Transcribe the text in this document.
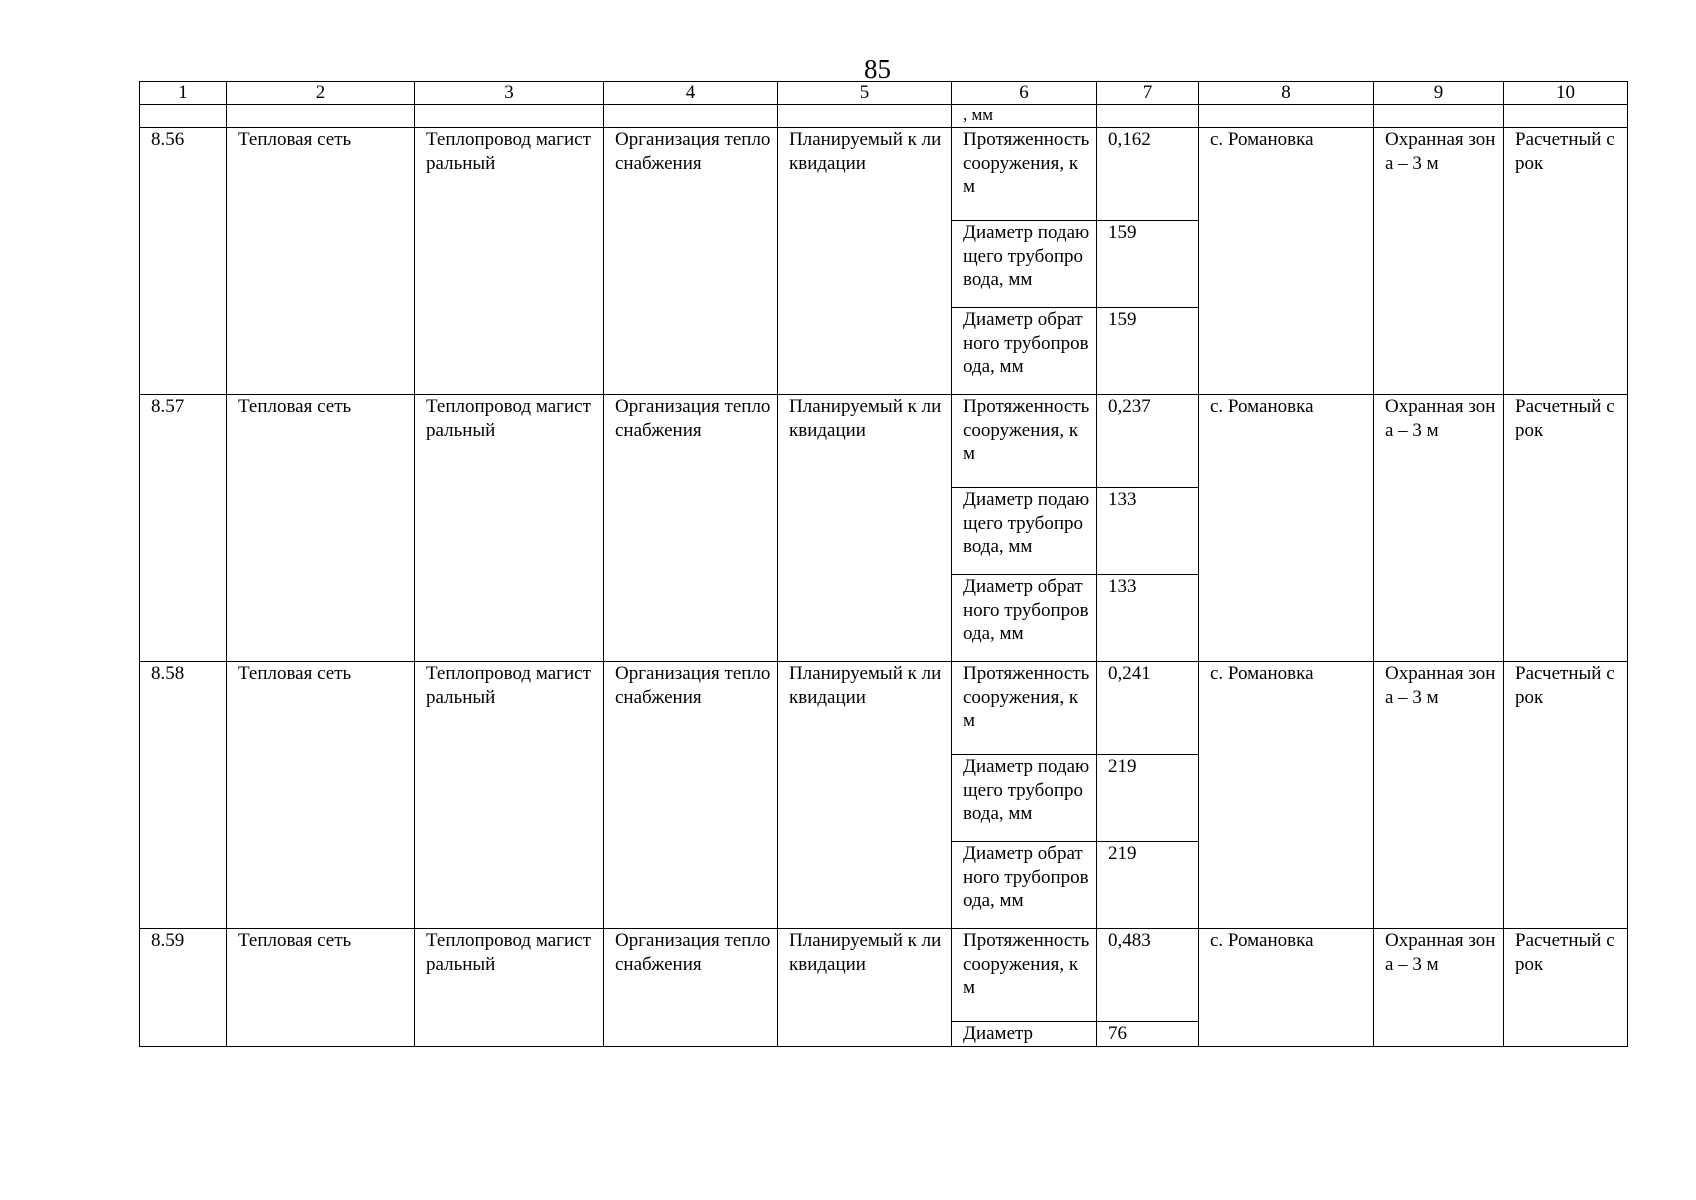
85
1	2	3	4	5	6	7	8	9	10
					, мм				
8.56	Тепловая сеть	Теплопровод магистральный	Организация теплоснабжения	Планируемый к ликвидации	Протяженность сооружения, км	0,162	с. Романовка	Охранная зона – 3 м	Расчетный срок
					Диаметр подающего трубопровода, мм	159			
					Диаметр обратного трубопровода, мм	159			
8.57	Тепловая сеть	Теплопровод магистральный	Организация теплоснабжения	Планируемый к ликвидации	Протяженность сооружения, км	0,237	с. Романовка	Охранная зона – 3 м	Расчетный срок
					Диаметр подающего трубопровода, мм	133			
					Диаметр обратного трубопровода, мм	133			
8.58	Тепловая сеть	Теплопровод магистральный	Организация теплоснабжения	Планируемый к ликвидации	Протяженность сооружения, км	0,241	с. Романовка	Охранная зона – 3 м	Расчетный срок
					Диаметр подающего трубопровода, мм	219			
					Диаметр обратного трубопровода, мм	219			
8.59	Тепловая сеть	Теплопровод магистральный	Организация теплоснабжения	Планируемый к ликвидации	Протяженность сооружения, км	0,483	с. Романовка	Охранная зона – 3 м	Расчетный срок
					Диаметр	76			
